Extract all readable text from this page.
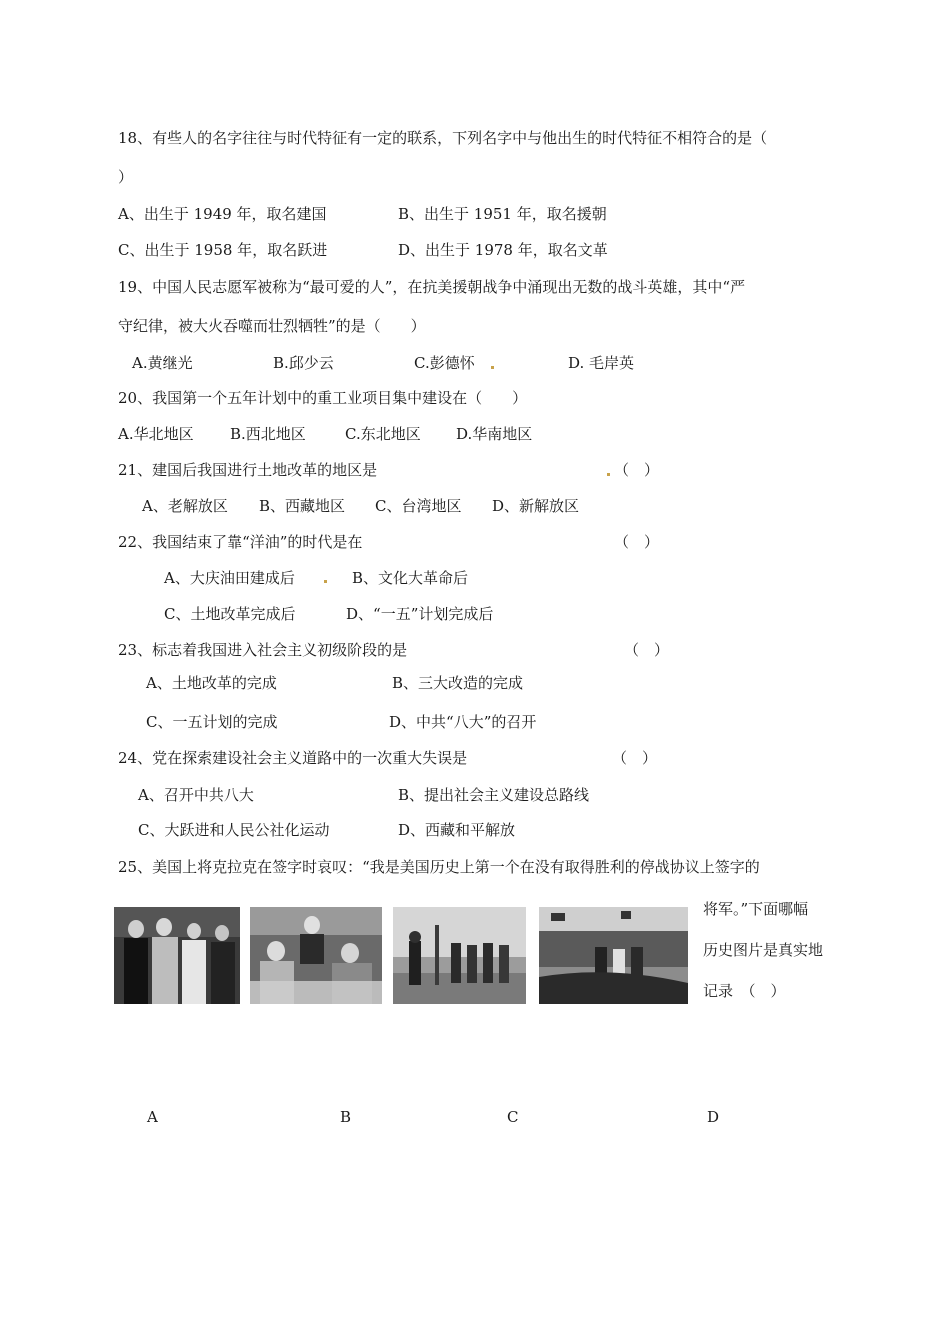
18、有些人的名字往往与时代特征有一定的联系，下列名字中与他出生的时代特征不相符合的是（
）
A、出生于 1949 年，取名建国	B、出生于 1951 年，取名援朝
C、出生于 1958 年，取名跃进	D、出生于 1978 年，取名文革
19、中国人民志愿军被称为“最可爱的人”，在抗美援朝战争中涌现出无数的战斗英雄，其中“严
守纪律，被大火吞噬而壮烈牺牲”的是（　　）
A.黄继光	B.邱少云	C.彭德怀	D. 毛岸英
20、我国第一个五年计划中的重工业项目集中建设在（　　）
A.华北地区 B.西北地区	C.东北地区 D.华南地区
21、建国后我国进行土地改革的地区是	（　）
A、老解放区 B、西藏地区 C、台湾地区 D、新解放区
22、我国结束了靠“洋油”的时代是在	（　）
A、大庆油田建成后	B、文化大革命后
C、土地改革完成后	D、“一五”计划完成后
23、标志着我国进入社会主义初级阶段的是	（　）
A、土地改革的完成	B、三大改造的完成
C、一五计划的完成	D、中共“八大”的召开
24、党在探索建设社会主义道路中的一次重大失误是	（　）
A、召开中共八大	B、提出社会主义建设总路线
C、大跃进和人民公社化运动	D、西藏和平解放
25、美国上将克拉克在签字时哀叹：“我是美国历史上第一个在没有取得胜利的停战协议上签字的
将军。”下面哪幅
历史图片是真实地
记录　（　）
A	B	C	D
